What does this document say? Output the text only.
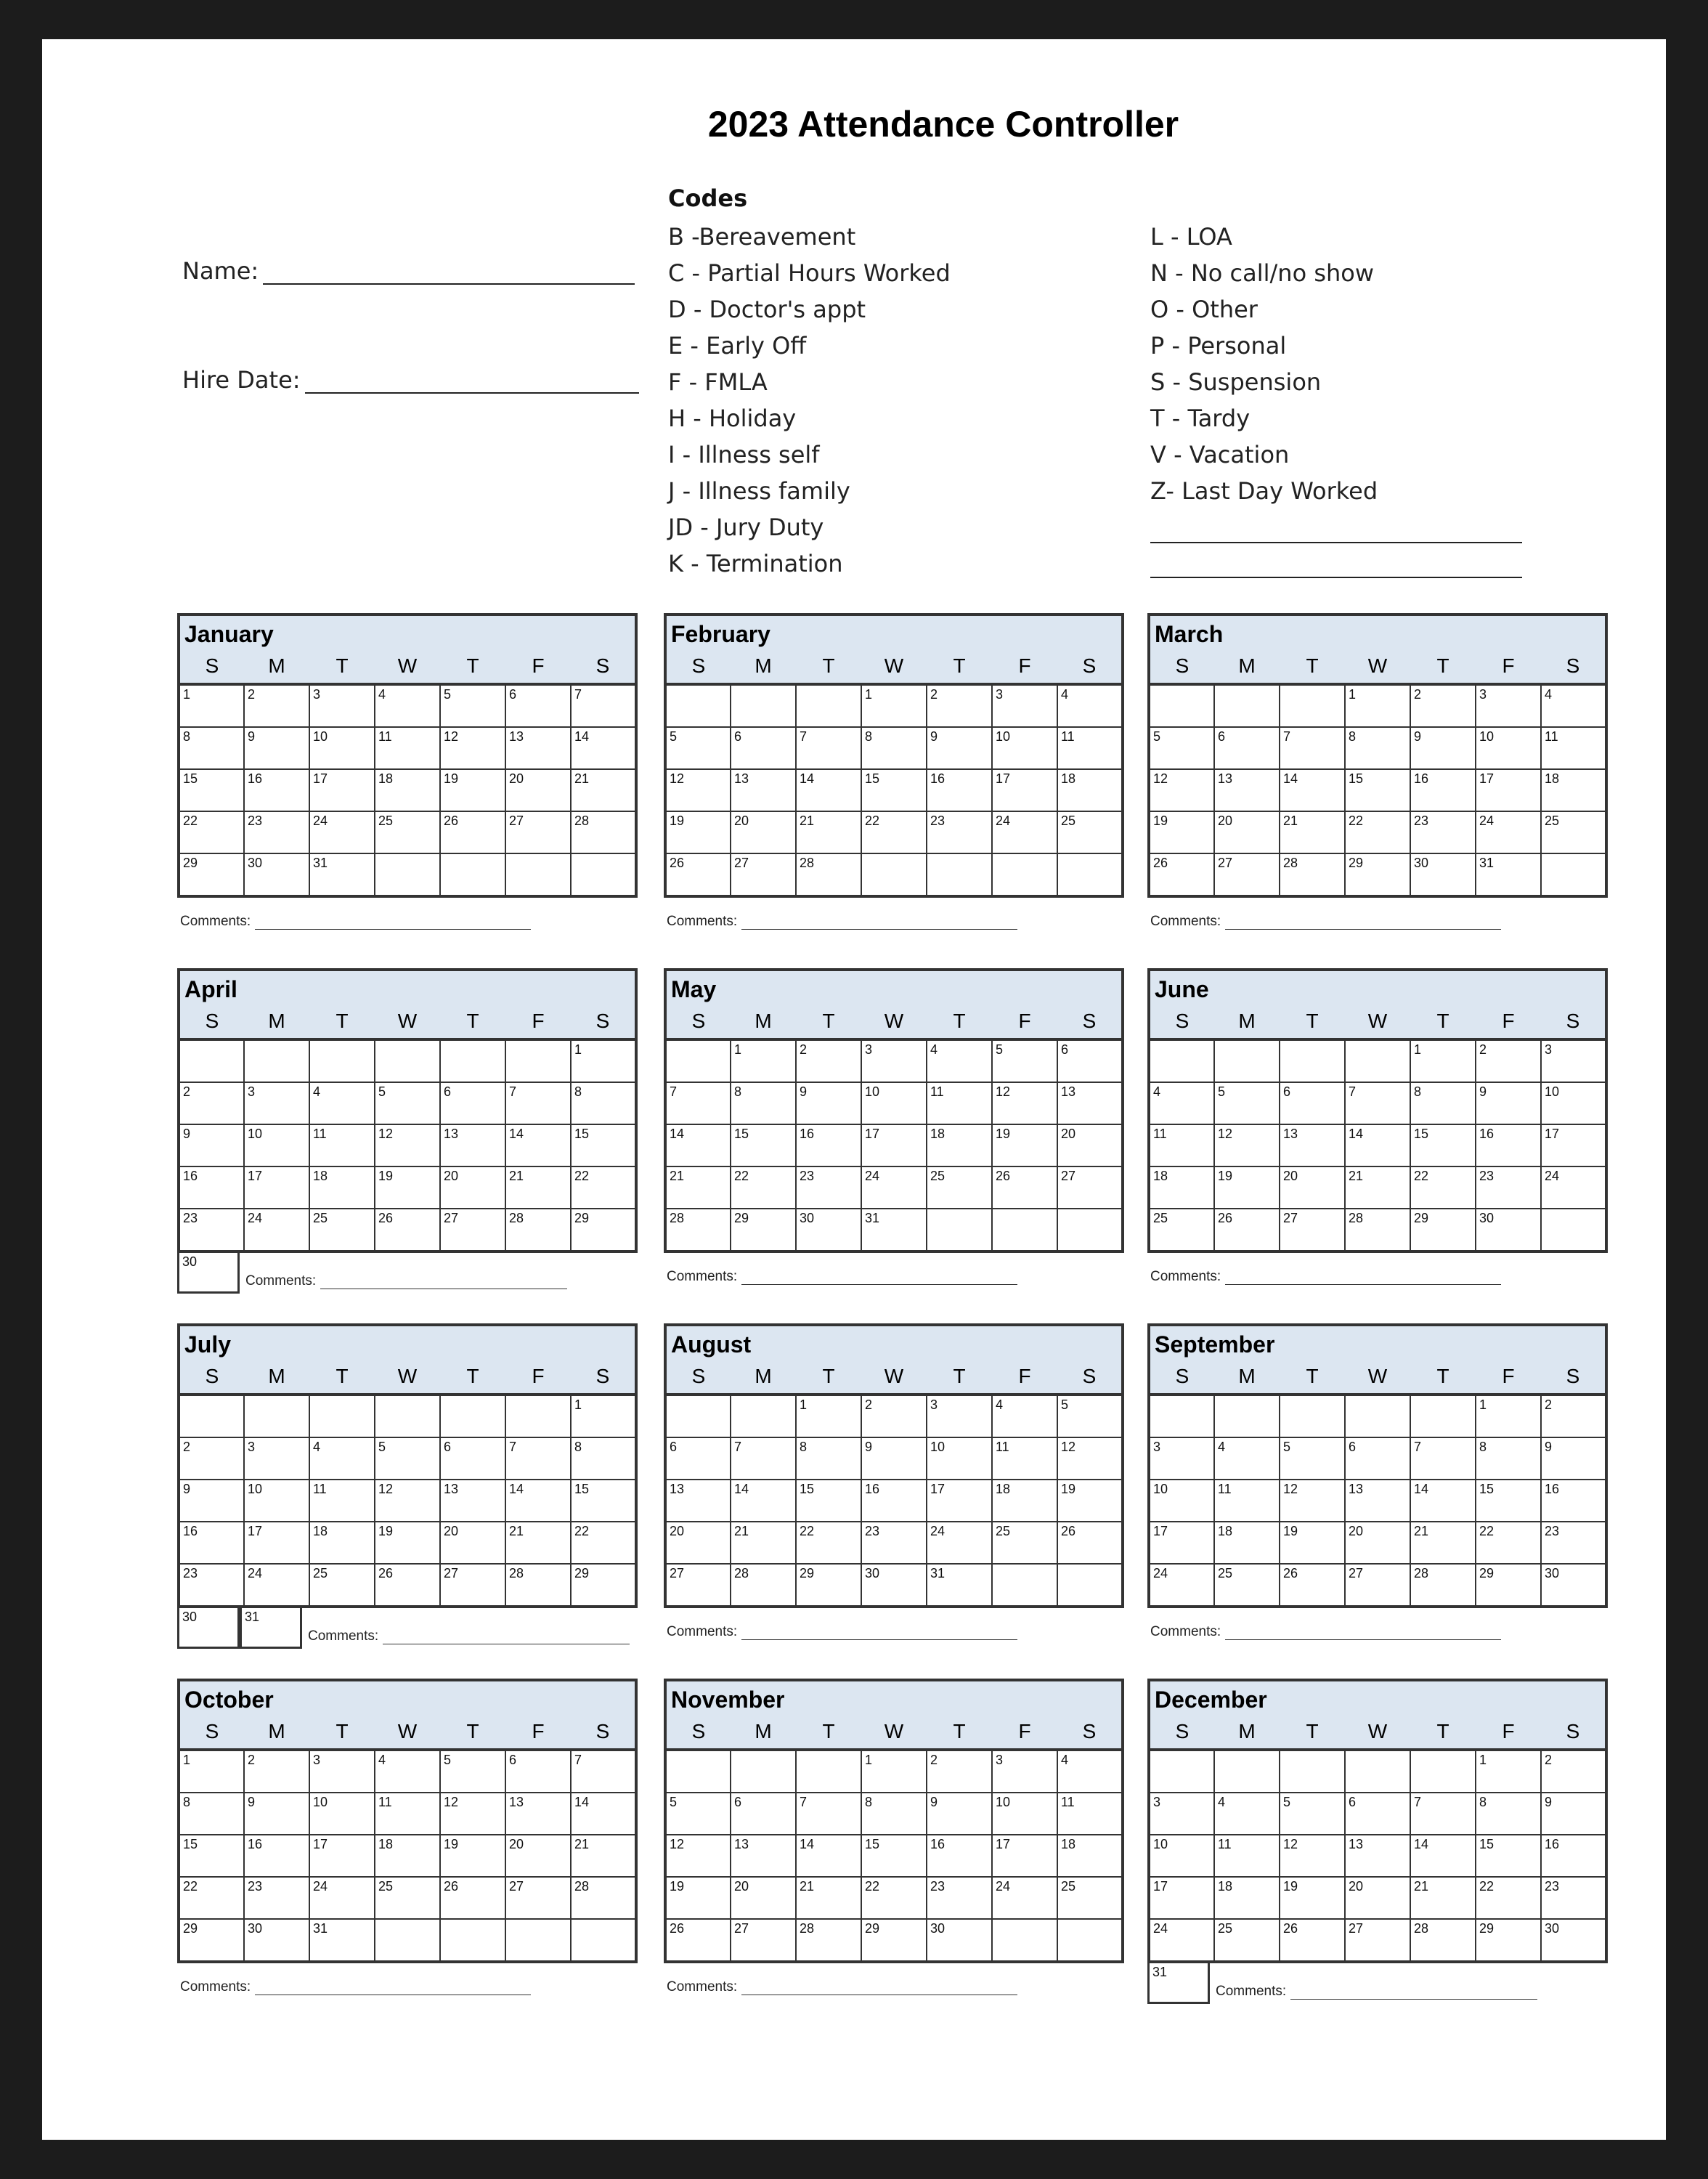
2023 Attendance Controller
Name:
Hire Date:
Codes
B -Bereavement
C - Partial Hours Worked
D - Doctor's appt
E - Early Off
F - FMLA
H - Holiday
I - Illness self
J - Illness family
JD - Jury Duty
K - Termination
L - LOA
N - No call/no show
O - Other
P - Personal
S - Suspension
T - Tardy
V - Vacation
Z- Last Day Worked
January						
S	M	T	W	T	F	S
1	2	3	4	5	6	7
8	9	10	11	12	13	14
15	16	17	18	19	20	21
22	23	24	25	26	27	28
29	30	31				
Comments:
February						
S	M	T	W	T	F	S
			1	2	3	4
5	6	7	8	9	10	11
12	13	14	15	16	17	18
19	20	21	22	23	24	25
26	27	28				
Comments:
March						
S	M	T	W	T	F	S
			1	2	3	4
5	6	7	8	9	10	11
12	13	14	15	16	17	18
19	20	21	22	23	24	25
26	27	28	29	30	31	
Comments:
April						
S	M	T	W	T	F	S
						1
2	3	4	5	6	7	8
9	10	11	12	13	14	15
16	17	18	19	20	21	22
23	24	25	26	27	28	29
30
Comments:
May						
S	M	T	W	T	F	S
	1	2	3	4	5	6
7	8	9	10	11	12	13
14	15	16	17	18	19	20
21	22	23	24	25	26	27
28	29	30	31			
Comments:
June						
S	M	T	W	T	F	S
				1	2	3
4	5	6	7	8	9	10
11	12	13	14	15	16	17
18	19	20	21	22	23	24
25	26	27	28	29	30	
Comments:
July						
S	M	T	W	T	F	S
						1
2	3	4	5	6	7	8
9	10	11	12	13	14	15
16	17	18	19	20	21	22
23	24	25	26	27	28	29
30	31
Comments:
August						
S	M	T	W	T	F	S
		1	2	3	4	5
6	7	8	9	10	11	12
13	14	15	16	17	18	19
20	21	22	23	24	25	26
27	28	29	30	31		
Comments:
September						
S	M	T	W	T	F	S
					1	2
3	4	5	6	7	8	9
10	11	12	13	14	15	16
17	18	19	20	21	22	23
24	25	26	27	28	29	30
Comments:
October						
S	M	T	W	T	F	S
1	2	3	4	5	6	7
8	9	10	11	12	13	14
15	16	17	18	19	20	21
22	23	24	25	26	27	28
29	30	31				
Comments:
November						
S	M	T	W	T	F	S
			1	2	3	4
5	6	7	8	9	10	11
12	13	14	15	16	17	18
19	20	21	22	23	24	25
26	27	28	29	30		
Comments:
December						
S	M	T	W	T	F	S
					1	2
3	4	5	6	7	8	9
10	11	12	13	14	15	16
17	18	19	20	21	22	23
24	25	26	27	28	29	30
31
Comments:
